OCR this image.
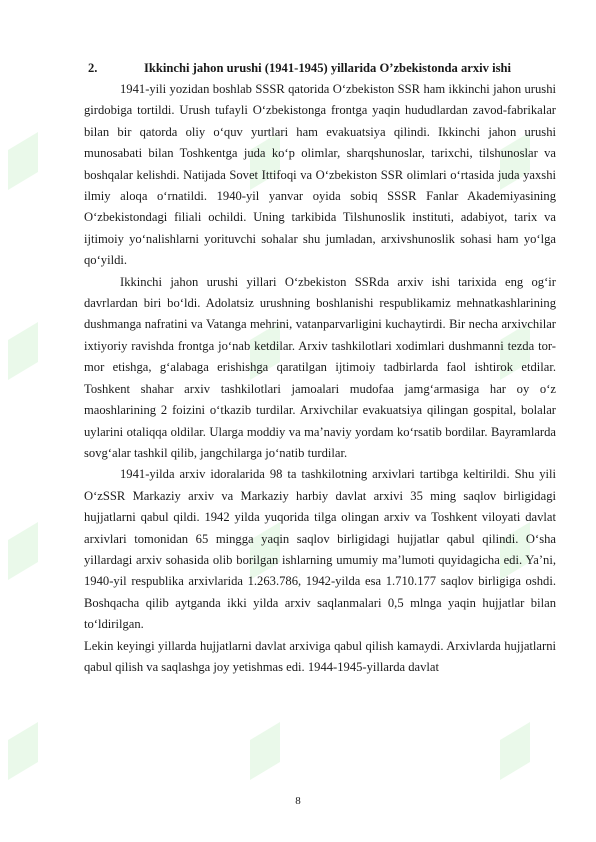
2.	Ikkinchi jahon urushi (1941-1945) yillarida O’zbekistonda arxiv ishi

1941-yili yozidan boshlab SSSR qatorida O‘zbekiston SSR ham ikkinchi jahon urushi girdobiga tortildi. Urush tufayli O‘zbekistonga frontga yaqin hududlardan zavod-fabrikalar bilan bir qatorda oliy o‘quv yurtlari ham evakuatsiya qilindi. Ikkinchi jahon urushi munosabati bilan Toshkentga juda ko‘p olimlar, sharqshunoslar, tarixchi, tilshunoslar va boshqalar kelishdi. Natijada Sovet Ittifoqi va O‘zbekiston SSR olimlari o‘rtasida juda yaxshi ilmiy aloqa o‘rnatildi. 1940-yil yanvar oyida sobiq SSSR Fanlar Akademiyasining O‘zbekistondagi filiali ochildi. Uning tarkibida Tilshunoslik instituti, adabiyot, tarix va ijtimoiy yo‘nalishlarni yorituvchi sohalar shu jumladan, arxivshunoslik sohasi ham yo‘lga qo‘yildi.

Ikkinchi jahon urushi yillari O‘zbekiston SSRda arxiv ishi tarixida eng og‘ir davrlardan biri bo‘ldi. Adolatsiz urushning boshlanishi respublikamiz mehnatkashlarining dushmanga nafratini va Vatanga mehrini, vatanparvarligini kuchaytirdi. Bir necha arxivchilar ixtiyoriy ravishda frontga jo‘nab ketdilar. Arxiv tashkilotlari xodimlari dushmanni tezda tor-mor etishga, g‘alabaga erishishga qaratilgan ijtimoiy tadbirlarda faol ishtirok etdilar. Toshkent shahar arxiv tashkilotlari jamoalari mudofaa jamg‘armasiga har oy o‘z maoshlarining 2 foizini o‘tkazib turdilar. Arxivchilar evakuatsiya qilingan gospital, bolalar uylarini otaliqqa oldilar. Ularga moddiy va ma’naviy yordam ko‘rsatib bordilar. Bayramlarda sovg‘alar tashkil qilib, jangchilarga jo‘natib turdilar.

1941-yilda arxiv idoralarida 98 ta tashkilotning arxivlari tartibga keltirildi. Shu yili O‘zSSR Markaziy arxiv va Markaziy harbiy davlat arxivi 35 ming saqlov birligidagi hujjatlarni qabul qildi. 1942 yilda yuqorida tilga olingan arxiv va Toshkent viloyati davlat arxivlari tomonidan 65 mingga yaqin saqlov birligidagi hujjatlar qabul qilindi. O‘sha yillardagi arxiv sohasida olib borilgan ishlarning umumiy ma’lumoti quyidagicha edi. Ya’ni, 1940-yil respublika arxivlarida 1.263.786, 1942-yilda esa 1.710.177 saqlov birligiga oshdi. Boshqacha qilib aytganda ikki yilda arxiv saqlanmalari 0,5 mlnga yaqin hujjatlar bilan to‘ldirilgan.

Lekin keyingi yillarda hujjatlarni davlat arxiviga qabul qilish kamaydi. Arxivlarda hujjatlarni qabul qilish va saqlashga joy yetishmas edi. 1944-1945-yillarda davlat

8
